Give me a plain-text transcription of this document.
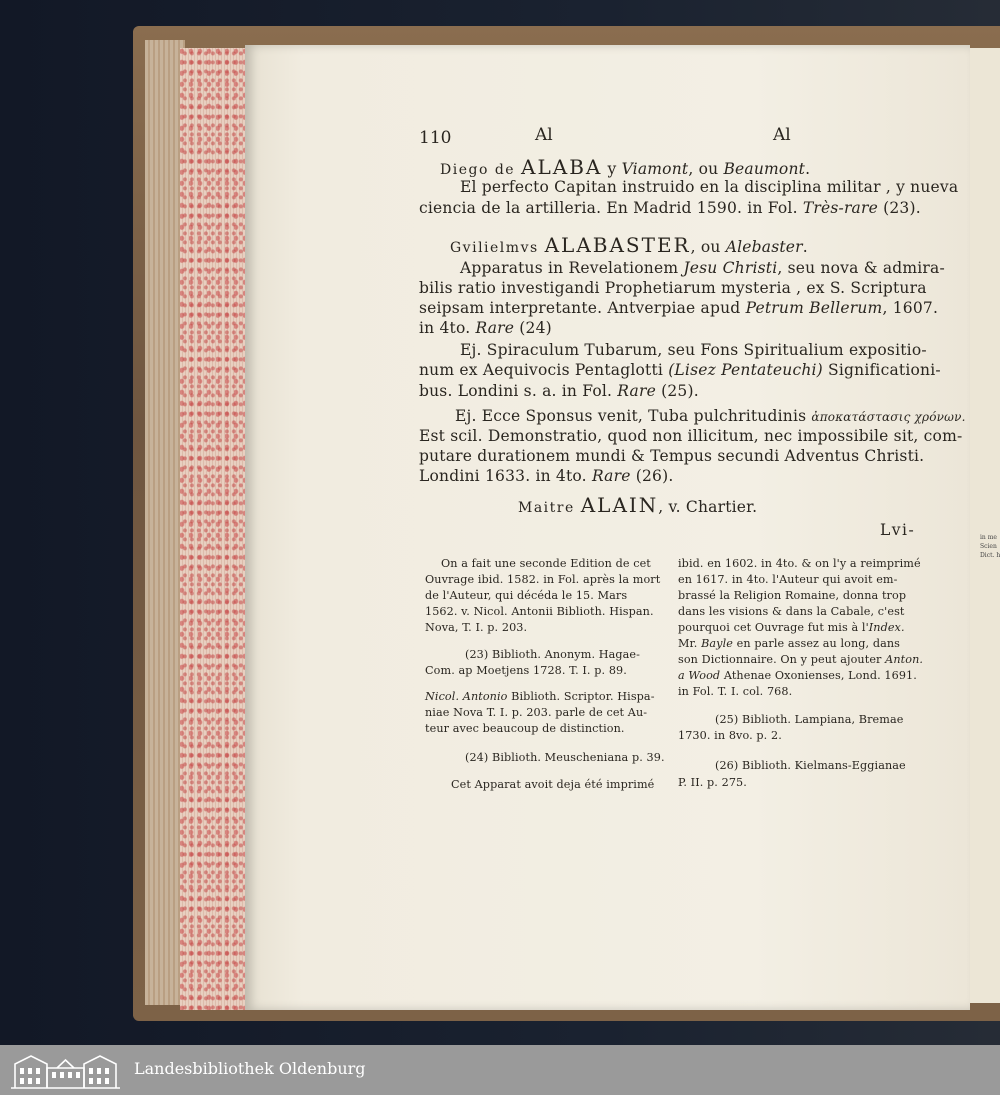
in me
Scien
Dict. h
110	Al	Al
Diego de ALABA y Viamont, ou Beaumont.
El perfecto Capitan instruido en la disciplina militar , y nueva
ciencia de la artilleria. En Madrid 1590. in Fol. Très-rare (23).
Gvilielmvs ALABASTER, ou Alebaster.
Apparatus in Revelationem Jesu Christi, seu nova & admira-
bilis ratio investigandi Prophetiarum mysteria , ex S. Scriptura
seipsam interpretante. Antverpiae apud Petrum Bellerum, 1607.
in 4to. Rare (24)
Ej. Spiraculum Tubarum, seu Fons Spiritualium expositio-
num ex Aequivocis Pentaglotti (Lisez Pentateuchi) Significationi-
bus. Londini s. a. in Fol. Rare (25).
Ej. Ecce Sponsus venit, Tuba pulchritudinis ἀποκατάστασις χρόνων.
Est scil. Demonstratio, quod non illicitum, nec impossibile sit, com-
putare durationem mundi & Tempus secundi Adventus Christi.
Londini 1633. in 4to. Rare (26).
Maitre ALAIN, v. Chartier.
Lvi-
On a fait une seconde Edition de cet
Ouvrage ibid. 1582. in Fol. après la mort
de l'Auteur, qui décéda le 15. Mars
1562. v. Nicol. Antonii Biblioth. Hispan.
Nova, T. I. p. 203.
(23) Biblioth. Anonym. Hagae-
Com. ap Moetjens 1728. T. I. p. 89.
Nicol. Antonio Biblioth. Scriptor. Hispa-
niae Nova T. I. p. 203. parle de cet Au-
teur avec beaucoup de distinction.
(24) Biblioth. Meuscheniana p. 39.
Cet Apparat avoit deja été imprimé
ibid. en 1602. in 4to. & on l'y a reimprimé
en 1617. in 4to. l'Auteur qui avoit em-
brassé la Religion Romaine, donna trop
dans les visions & dans la Cabale, c'est
pourquoi cet Ouvrage fut mis à l'Index.
Mr. Bayle en parle assez au long, dans
son Dictionnaire. On y peut ajouter Anton.
a Wood Athenae Oxonienses, Lond. 1691.
in Fol. T. I. col. 768.
(25) Biblioth. Lampiana, Bremae
1730. in 8vo. p. 2.
(26) Biblioth. Kielmans-Eggianae
P. II. p. 275.
Landesbibliothek Oldenburg
